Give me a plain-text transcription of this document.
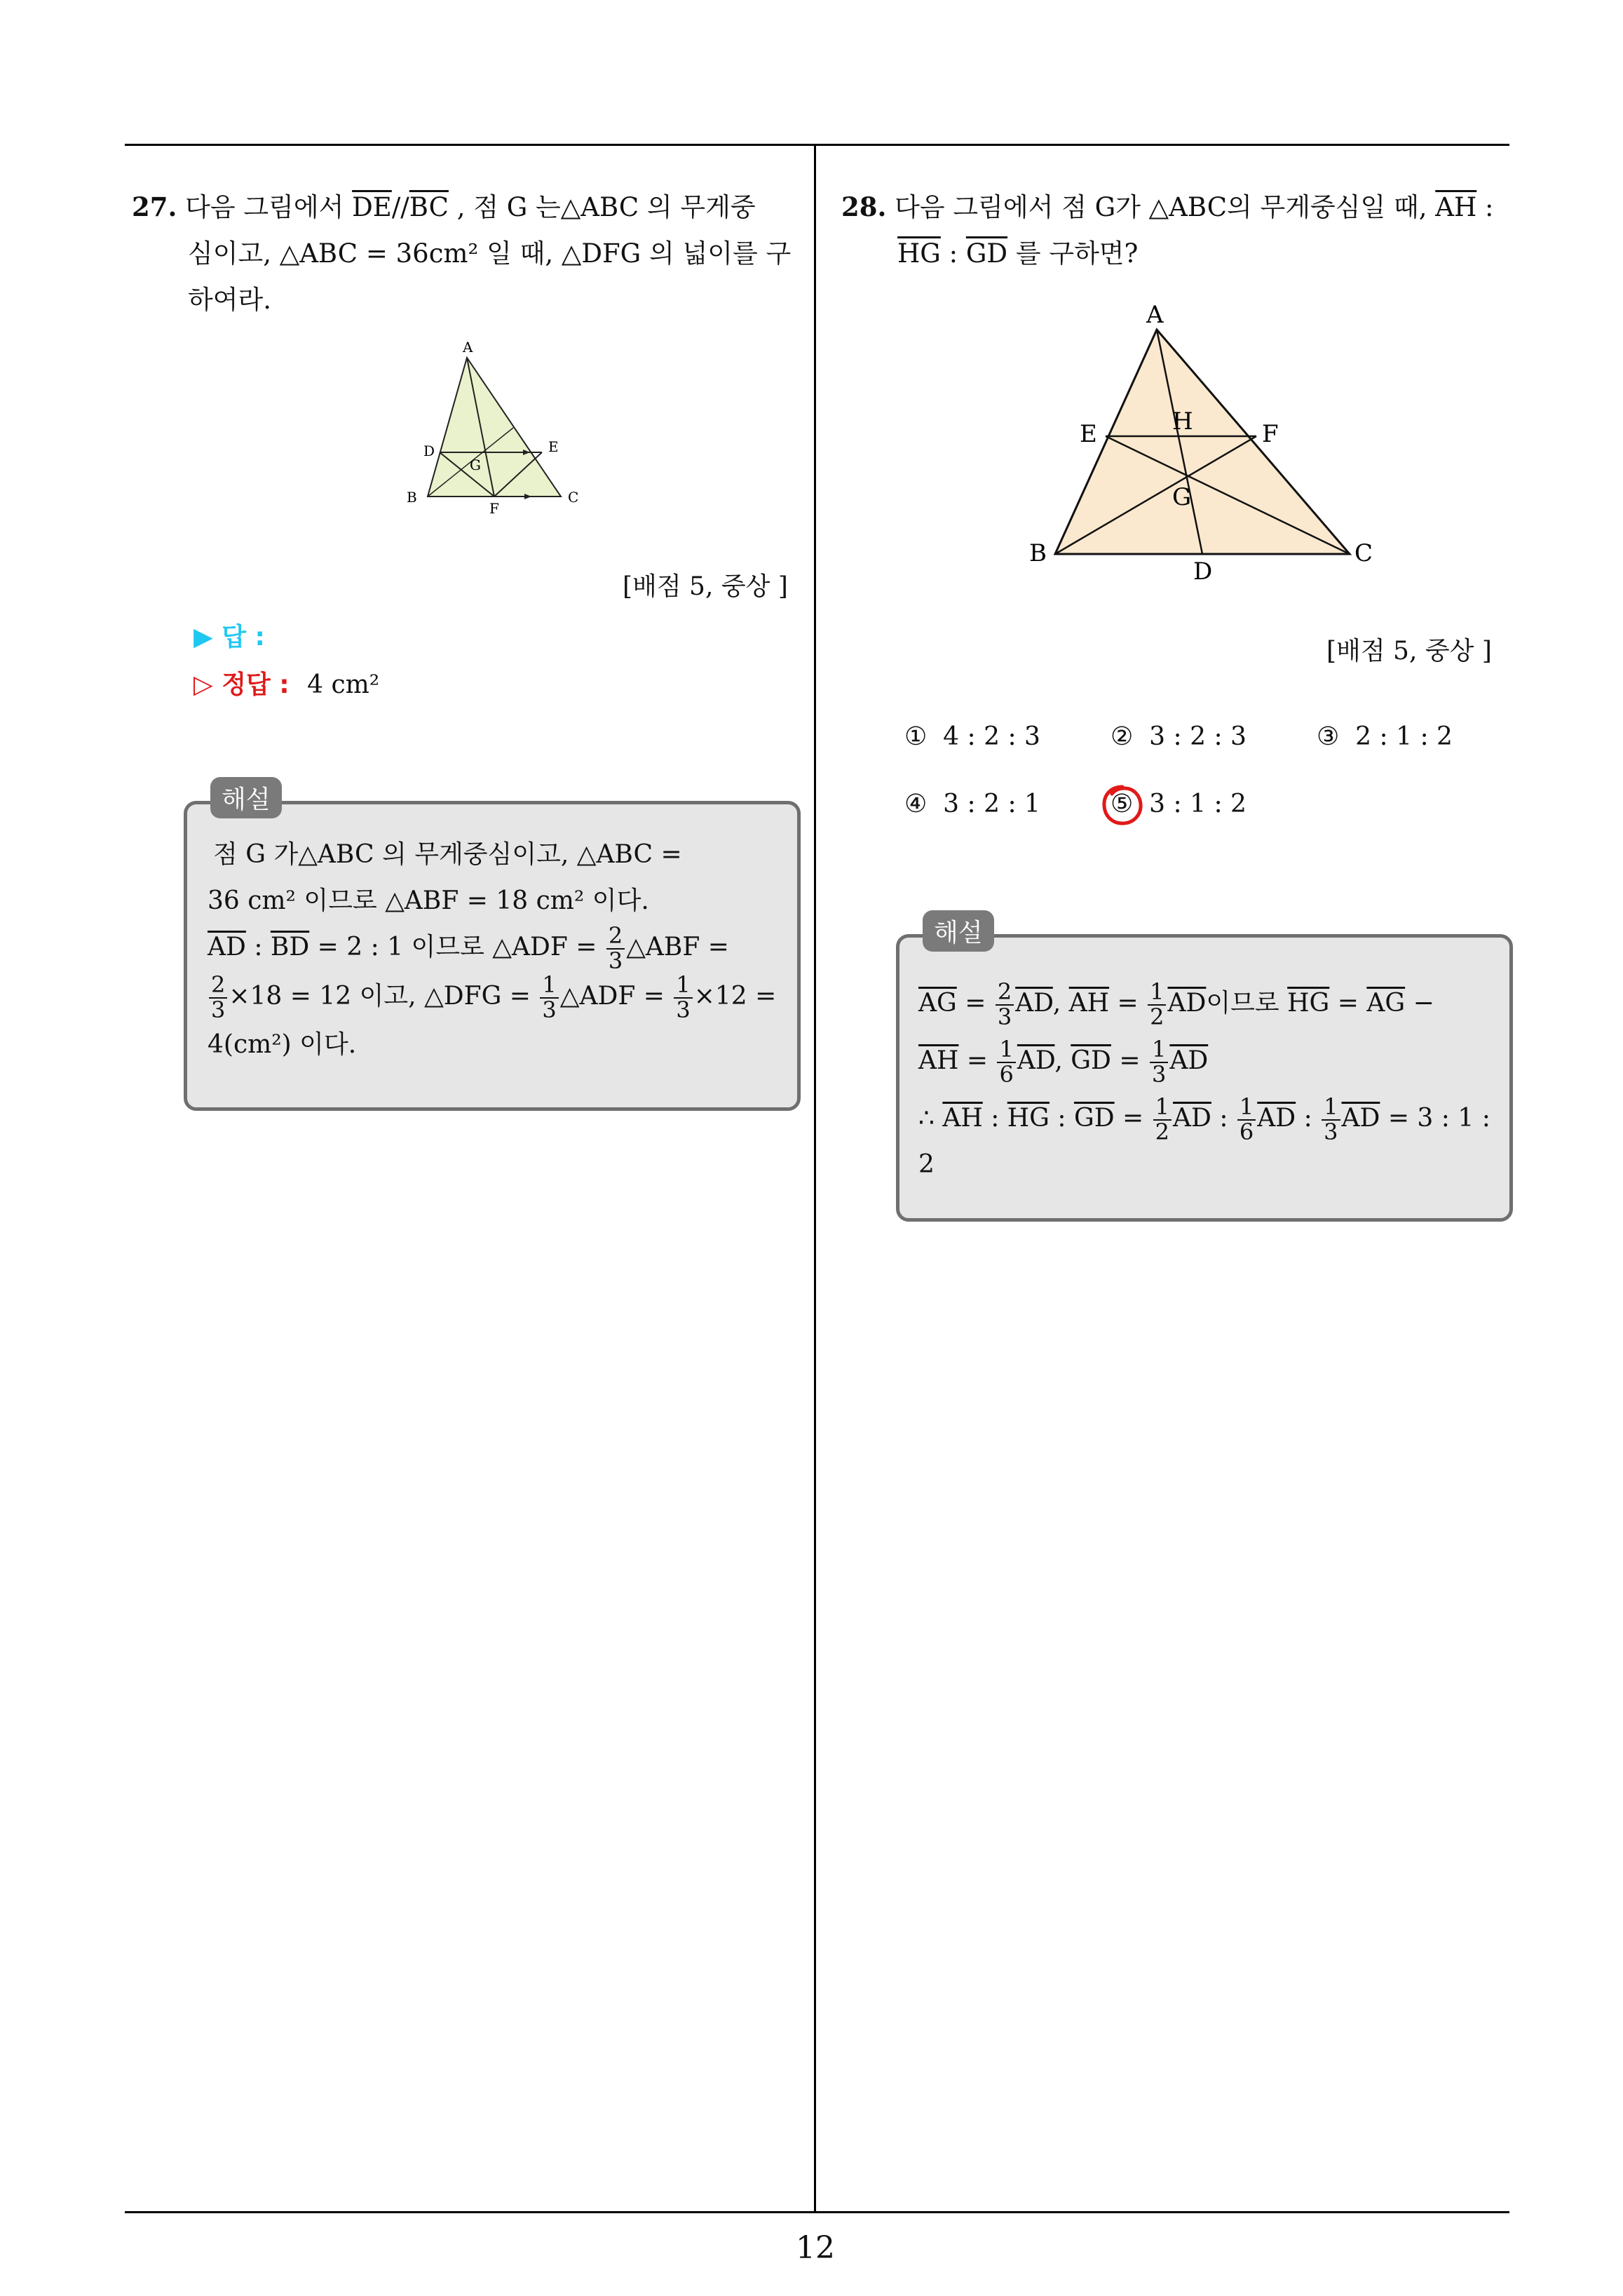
12
27. 다음 그림에서 $\overline{DE}//\overline{BC}$ , 점 G 는△ABC 의 무게중
심이고, △ABC = 36cm² 일 때, △DFG 의 넓이를 구
하여라.
A
D	E
G
B
F
C
[배점 5, 중상 ]
▶ 답 :
▷ 정답 : 4 cm²
해설
점 G 가△ABC 의 무게중심이고, △ABC =
36 cm² 이므로 △ABF = 18 cm² 이다.
$\overline{AD}$ : $\overline{BD} = 2$ : 1 이므로 △ADF = $\frac{2}{3}$ △ABF =
$\frac{2}{3} \times 18 = 12$ 이고, △DFG = $\frac{1}{3}$ △ADF = $\frac{1}{3} \times 12$ =
4(cm²) 이다.
28. 다음 그림에서 점 G가 △ABC의 무게중심일 때, $\overline{AH}$ :
$\overline{HG}$ : $\overline{GD}$ 를 구하면?
A
E	H	F
G
B
D
C
[배점 5, 중상 ]
① 4 : 2 : 3	② 3 : 2 : 3	③ 2 : 1 : 2
④ 3 : 2 : 1	⑤ 3 : 1 : 2
해설
$\overline{AG} = \frac{2}{3} \overline{AD}$, $\overline{AH} = \frac{1}{2} \overline{AD}$이므로 $\overline{HG} = \overline{AG}$ −
$\overline{AH} = \frac{1}{6} \overline{AD}$, $\overline{GD} = \frac{1}{3} \overline{AD}$
∴ $\overline{AH}$ : $\overline{HG}$ : $\overline{GD} = \frac{1}{2} \overline{AD}$ : $\frac{1}{6} \overline{AD}$ : $\frac{1}{3} \overline{AD} = 3$ : 1 :
2
